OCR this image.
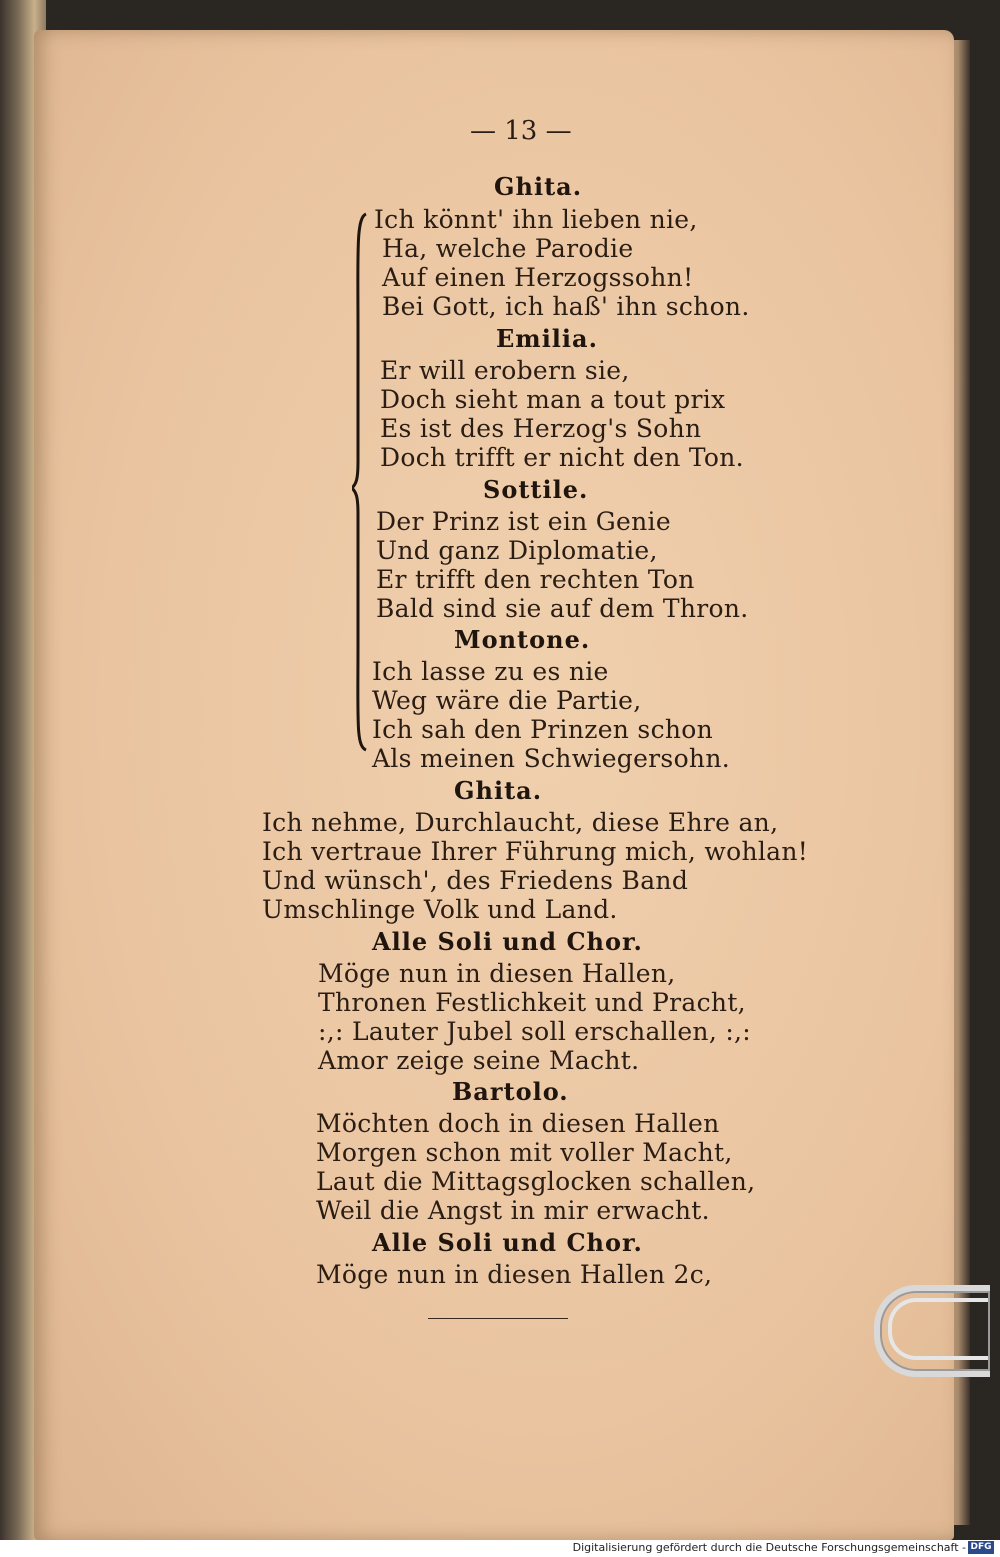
— 13 —
Ghita.
Ich könnt' ihn lieben nie,
Ha, welche Parodie
Auf einen Herzogssohn!
Bei Gott, ich haß' ihn schon.
Emilia.
Er will erobern sie,
Doch sieht man a tout prix
Es ist des Herzog's Sohn
Doch trifft er nicht den Ton.
Sottile.
Der Prinz ist ein Genie
Und ganz Diplomatie,
Er trifft den rechten Ton
Bald sind sie auf dem Thron.
Montone.
Ich lasse zu es nie
Weg wäre die Partie,
Ich sah den Prinzen schon
Als meinen Schwiegersohn.
Ghita.
Ich nehme, Durchlaucht, diese Ehre an,
Ich vertraue Ihrer Führung mich, wohlan!
Und wünsch', des Friedens Band
Umschlinge Volk und Land.
Alle Soli und Chor.
Möge nun in diesen Hallen,
Thronen Festlichkeit und Pracht,
:,: Lauter Jubel soll erschallen, :,:
Amor zeige seine Macht.
Bartolo.
Möchten doch in diesen Hallen
Morgen schon mit voller Macht,
Laut die Mittagsglocken schallen,
Weil die Angst in mir erwacht.
Alle Soli und Chor.
Möge nun in diesen Hallen 2c,
Digitalisierung gefördert durch die Deutsche Forschungsgemeinschaft - DFG
